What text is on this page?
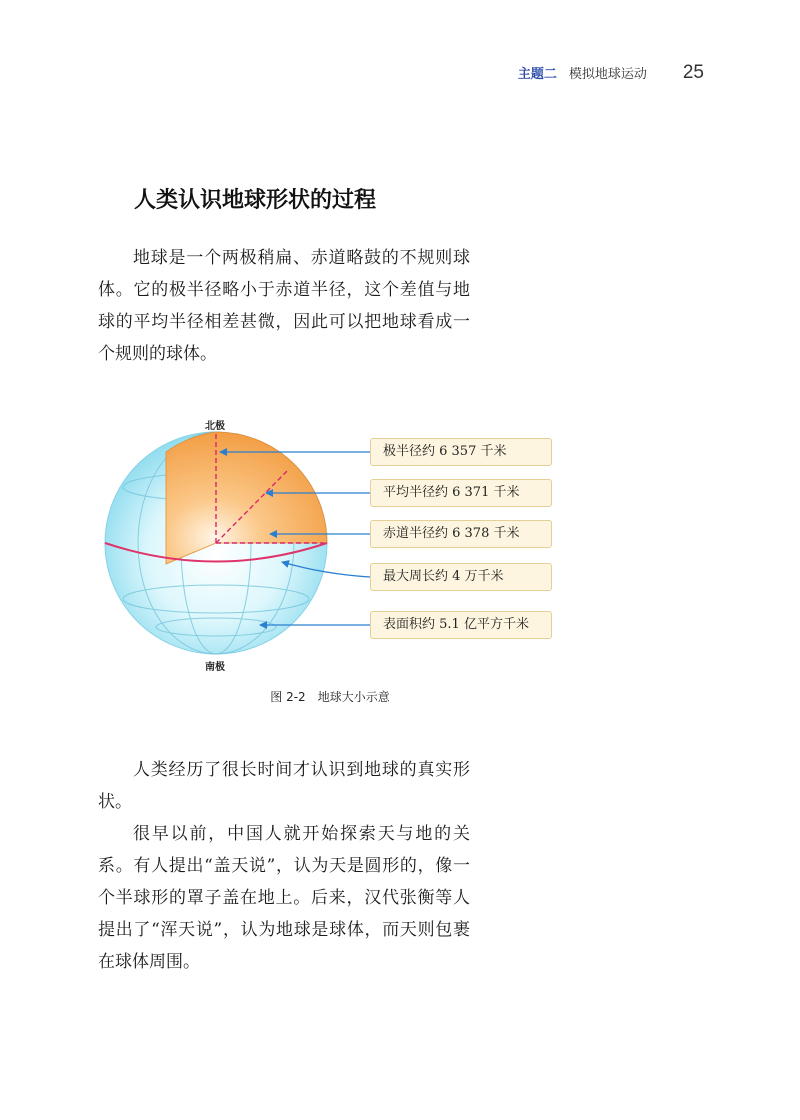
主题二 模拟地球运动 25
人类认识地球形状的过程

地球是一个两极稍扁、赤道略鼓的不规则球体。它的极半径略小于赤道半径，这个差值与地球的平均半径相差甚微，因此可以把地球看成一个规则的球体。

北极
南极
极半径约 6 357 千米
平均半径约 6 371 千米
赤道半径约 6 378 千米
最大周长约 4 万千米
表面积约 5.1 亿平方千米
图 2-2　地球大小示意

人类经历了很长时间才认识到地球的真实形状。

很早以前，中国人就开始探索天与地的关系。有人提出“盖天说”，认为天是圆形的，像一个半球形的罩子盖在地上。后来，汉代张衡等人提出了“浑天说”，认为地球是球体，而天则包裹在球体周围。
